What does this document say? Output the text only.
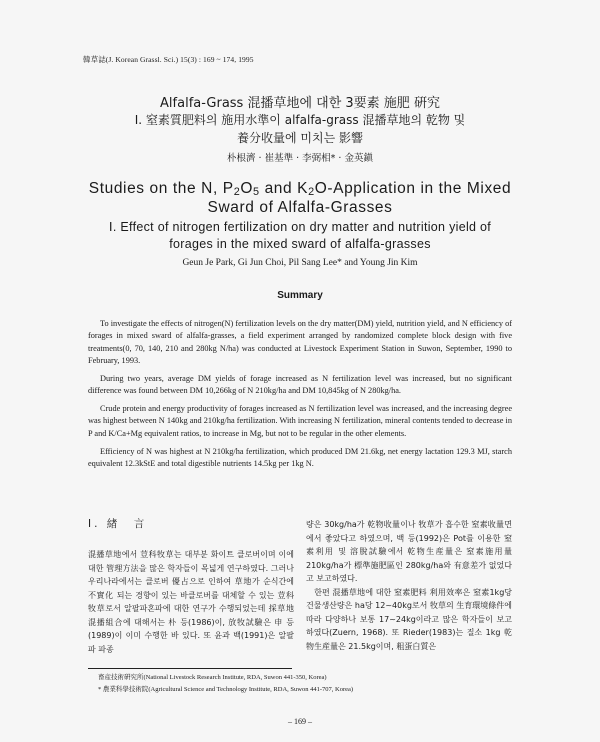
韓草誌(J. Korean Grassl. Sci.) 15(3) : 169 ~ 174, 1995
Alfalfa-Grass 混播草地에 대한 3要素 施肥 硏究
Ⅰ. 窒素質肥料의 施用水準이 alfalfa-grass 混播草地의 乾物 및
養分收量에 미치는 影響
朴根濟 · 崔基準 · 李弼相* · 金英鎭
Studies on the N, $P_2O_5$ and $K_2O$-Application in the Mixed
Sward of Alfalfa-Grasses
Ⅰ. Effect of nitrogen fertilization on dry matter and nutrition yield of
forages in the mixed sward of alfalfa-grasses
Geun Je Park, Gi Jun Choi, Pil Sang Lee* and Young Jin Kim
Summary

To investigate the effects of nitrogen(N) fertilization levels on the dry matter(DM) yield, nutrition yield, and N efficiency of forages in mixed sward of alfalfa-grasses, a field experiment arranged by randomized complete block design with five treatments(0, 70, 140, 210 and 280kg N/ha) was conducted at Livestock Experiment Station in Suwon, September, 1990 to February, 1993.

During two years, average DM yields of forage increased as N fertilization level was increased, but no significant difference was found between DM 10,266kg of N 210kg/ha and DM 10,845kg of N 280kg/ha.

Crude protein and energy productivity of forages increased as N fertilization level was increased, and the increasing degree was highest between N 140kg and 210kg/ha fertilization. With increasing N fertilization, mineral contents tended to decrease in P and K/Ca+Mg equivalent ratios, to increase in Mg, but not to be regular in the other elements.

Efficiency of N was highest at N 210kg/ha fertilization, which produced DM 21.6kg, net energy lactation 129.3 MJ, starch equivalent 12.3kStE and total digestible nutrients 14.5kg per 1kg N.

Ⅰ. 緖　言

混播草地에서 荳科牧草는 대부분 화이트 클로버이며 이에 대한 管理方法을 많은 학자들이 목넓게 연구하였다. 그러나 우리나라에서는 클로버 優占으로 인하여 草地가 순식간에 不實化 되는 경향이 있는 바클로버를 대체할 수 있는 荳科牧草로서 알팔파혼파에 대한 연구가 수행되었는데 採草地 混播組合에 대해서는 朴 등(1986)이, 放牧試驗은 申 등(1989)이 이미 수행한 바 있다. 또 윤과 백(1991)은 알팔파 파종

량은 30kg/ha가 乾物收量이나 牧草가 흡수한 窒素收量면에서 좋았다고 하였으며, 백 등(1992)은 Pot를 이용한 窒素利用 및 溶脫試驗에서 乾物生産量은 窒素施用量 210kg/ha가 標準施肥區인 280kg/ha와 有意差가 없었다고 보고하였다.
　한편 混播草地에 대한 窒素肥料 利用效率은 窒素1kg당 건물생산량은 ha당 12~40kg로서 牧草의 生育環境條件에 따라 다양하나 보통 17~24kg이라고 많은 학자들이 보고하였다(Zuern, 1968). 또 Rieder(1983)는 질소 1kg 乾物生産量은 21.5kg이며, 粗蛋白質은

畜産技術硏究所(National Livestock Research Institute, RDA, Suwon 441-350, Korea)
* 農業科學技術院(Agricultural Science and Technology Institute, RDA, Suwon 441-707, Korea)
– 169 –
